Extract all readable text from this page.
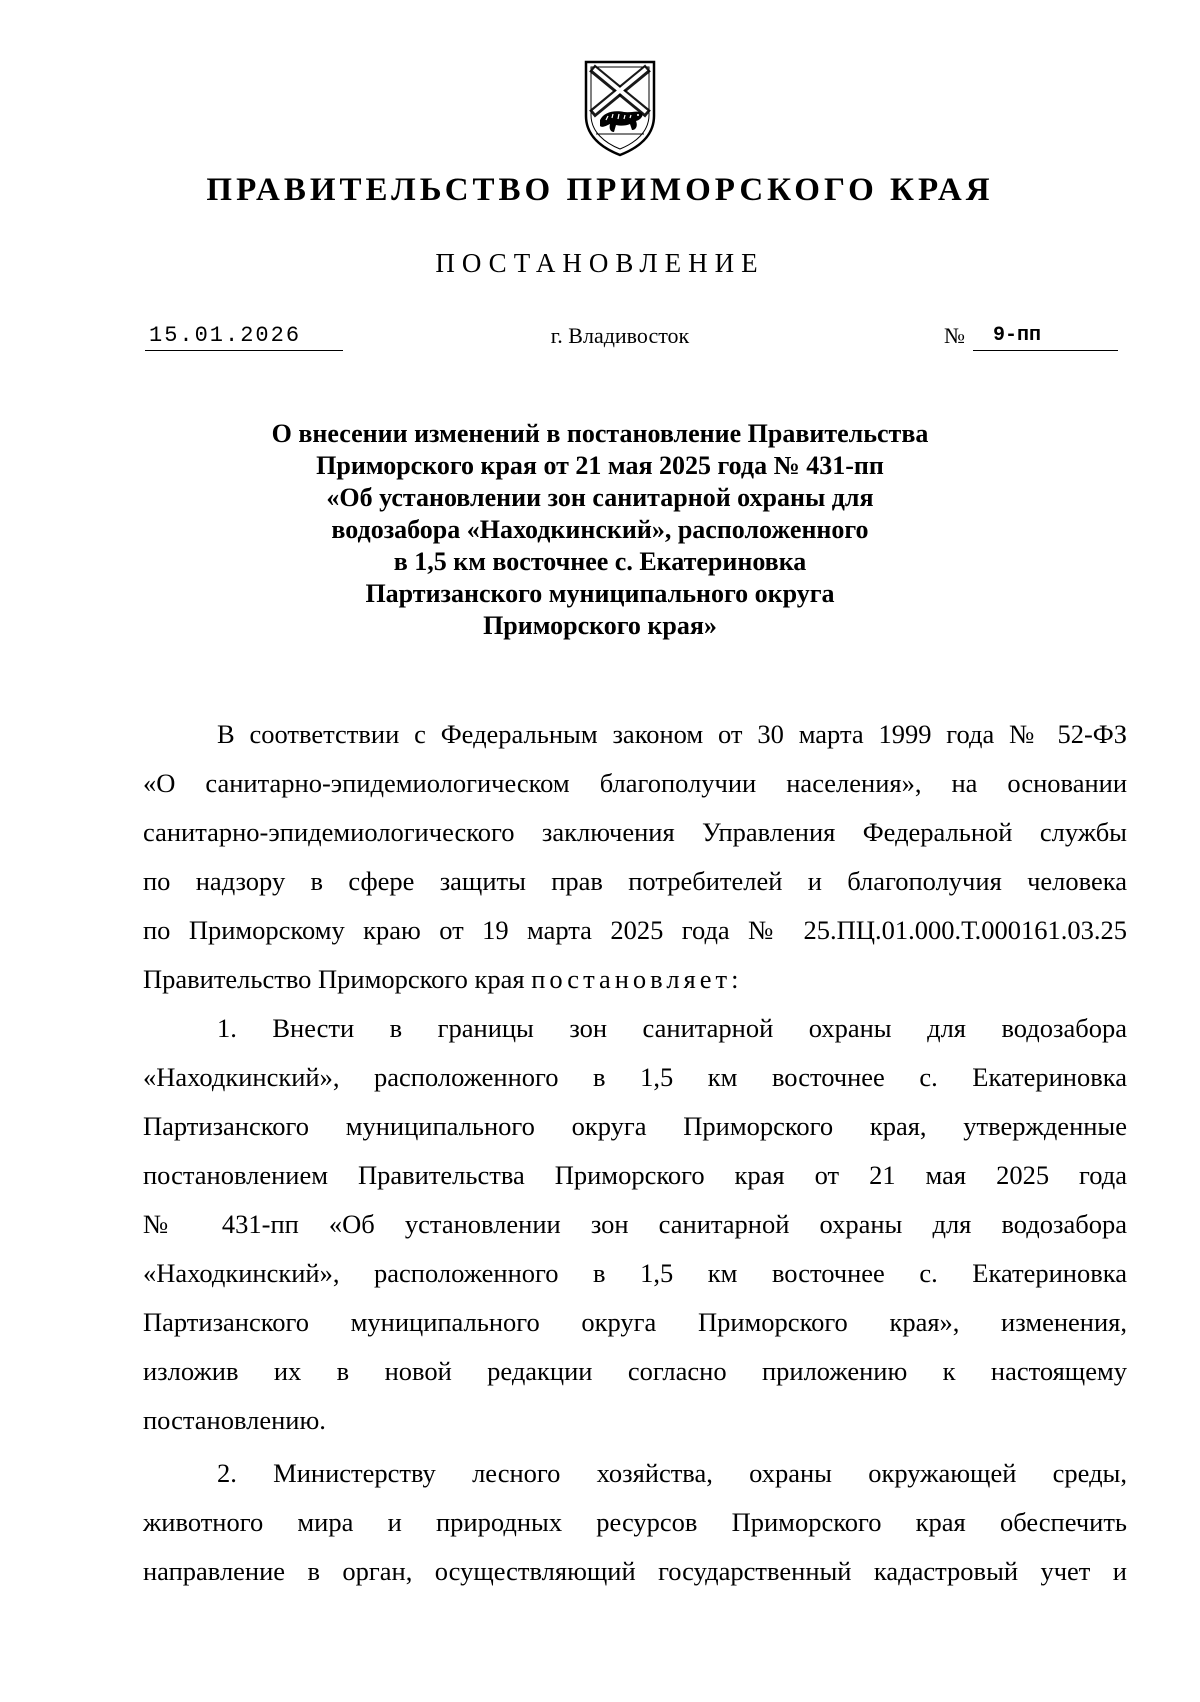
ПРАВИТЕЛЬСТВО ПРИМОРСКОГО КРАЯ
ПОСТАНОВЛЕНИЕ
15.01.2026	г. Владивосток	№ 9-пп
О внесении изменений в постановление Правительства
Приморского края от 21 мая 2025 года № 431-пп
«Об установлении зон санитарной охраны для
водозабора «Находкинский», расположенного
в 1,5 км восточнее с. Екатериновка
Партизанского муниципального округа
Приморского края»
В соответствии с Федеральным законом от 30 марта 1999 года № 52-ФЗ
«О санитарно-эпидемиологическом благополучии населения», на основании
санитарно-эпидемиологического заключения Управления Федеральной службы
по надзору в сфере защиты прав потребителей и благополучия человека
по Приморскому краю от 19 марта 2025 года № 25.ПЦ.01.000.Т.000161.03.25
Правительство Приморского края постановляет:
1. Внести в границы зон санитарной охраны для водозабора
«Находкинский», расположенного в 1,5 км восточнее с. Екатериновка
Партизанского муниципального округа Приморского края, утвержденные
постановлением Правительства Приморского края от 21 мая 2025 года
№ 431-пп «Об установлении зон санитарной охраны для водозабора
«Находкинский», расположенного в 1,5 км восточнее с. Екатериновка
Партизанского муниципального округа Приморского края», изменения,
изложив их в новой редакции согласно приложению к настоящему
постановлению.
2. Министерству лесного хозяйства, охраны окружающей среды,
животного мира и природных ресурсов Приморского края обеспечить
направление в орган, осуществляющий государственный кадастровый учет и
